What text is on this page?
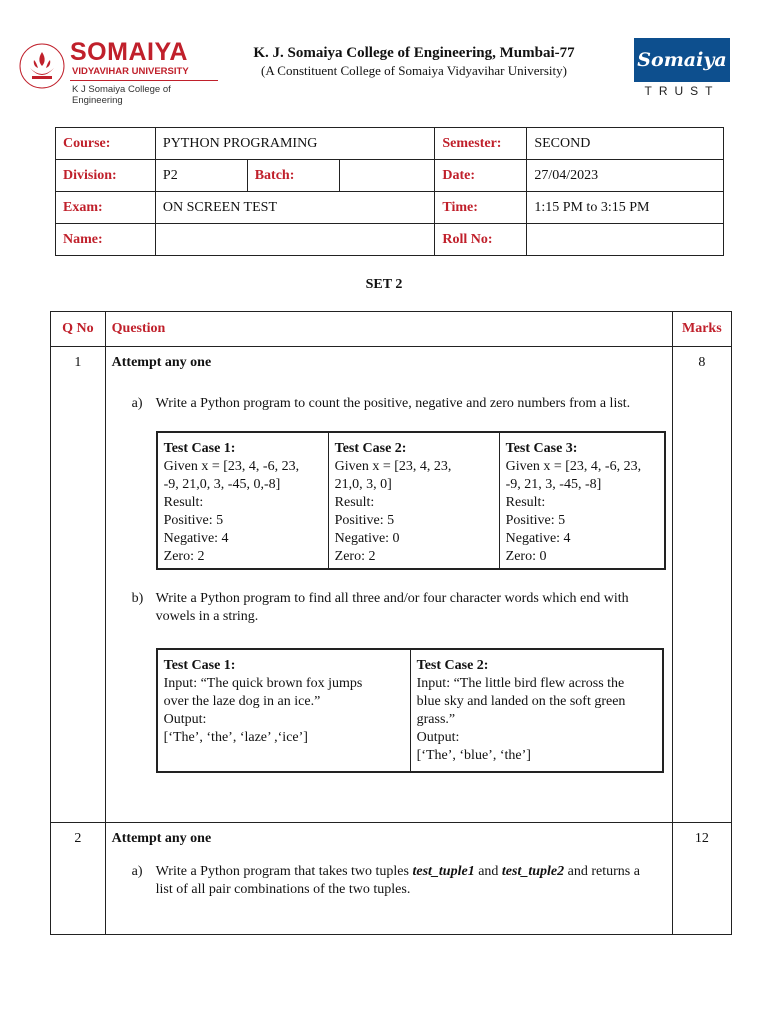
SOMAIYA
VIDYAVIHAR UNIVERSITY
K J Somaiya College of Engineering
K. J. Somaiya College of Engineering, Mumbai-77
(A Constituent College of Somaiya Vidyavihar University)	Somaiya
TRUST
Course:	PYTHON PROGRAMING			Semester:	SECOND
Division:	P2	Batch:		Date:	27/04/2023
Exam:	ON SCREEN TEST			Time:	1:15 PM to 3:15 PM
Name:				Roll No:	
SET 2
Q No	Question	Marks
1	Attempt any one
a) Write a Python program to count the positive, negative and zero numbers from a list.
Test Case 1:
Given x = [23, 4, -6, 23,
-9, 21,0, 3, -45, 0,-8]
Result:
Positive: 5
Negative: 4
Zero: 2	Test Case 2:
Given x = [23, 4, 23,
21,0, 3, 0]
Result:
Positive: 5
Negative: 0
Zero: 2	Test Case 3:
Given x = [23, 4, -6, 23,
-9, 21, 3, -45, -8]
Result:
Positive: 5
Negative: 4
Zero: 0
b) Write a Python program to find all three and/or four character words which end with vowels in a string.
Test Case 1:
Input: “The quick brown fox jumps
over the laze dog in an ice.”
Output:
[‘The’, ‘the’, ‘laze’ ,‘ice’]	Test Case 2:
Input: “The little bird flew across the
blue sky and landed on the soft green
grass.”
Output:
[‘The’, ‘blue’, ‘the’]
	8
2	Attempt any one
a) Write a Python program that takes two tuples test_tuple1 and test_tuple2 and returns a list of all pair combinations of the two tuples.
	12
